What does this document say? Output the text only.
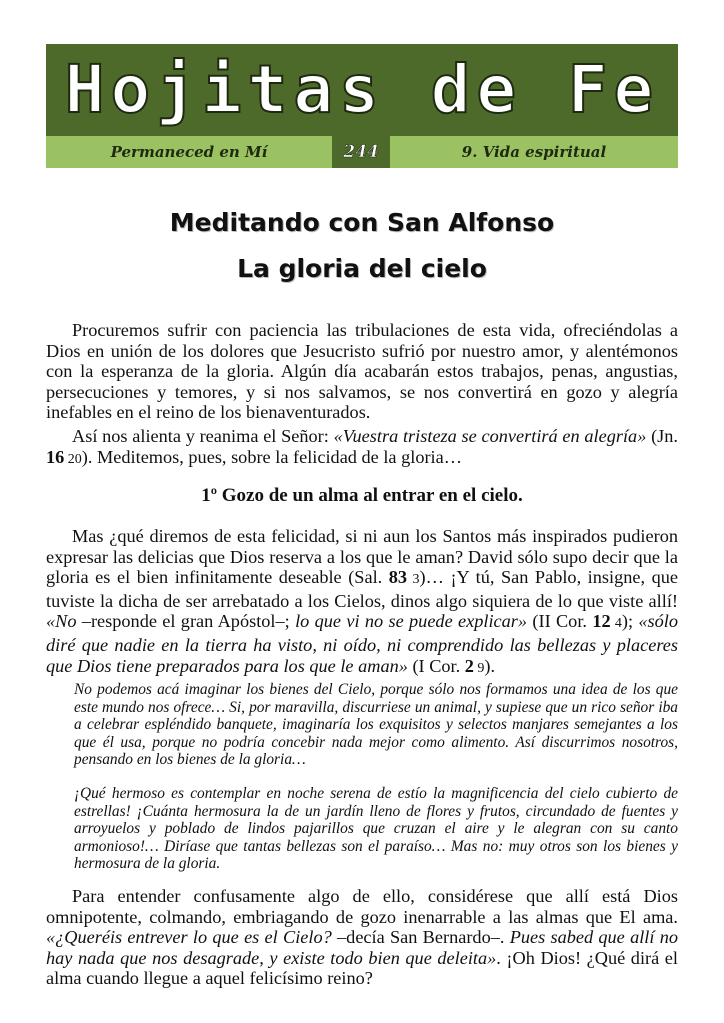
Hojitas de Fe
Permaneced en Mí	244	9. Vida espiritual
Meditando con San Alfonso
La gloria del cielo

Procuremos sufrir con paciencia las tribulaciones de esta vida, ofreciéndolas a Dios en unión de los dolores que Jesucristo sufrió por nuestro amor, y alentémonos con la esperanza de la gloria. Algún día acabarán estos trabajos, penas, angustias, persecuciones y temores, y si nos salvamos, se nos convertirá en gozo y alegría inefables en el reino de los bienaventurados.

Así nos alienta y reanima el Señor: «Vuestra tristeza se convertirá en alegría» (Jn. 16 20). Meditemos, pues, sobre la felicidad de la gloria…

1º Gozo de un alma al entrar en el cielo.

Mas ¿qué diremos de esta felicidad, si ni aun los Santos más inspirados pudieron expresar las delicias que Dios reserva a los que le aman? David sólo supo decir que la gloria es el bien infinitamente deseable (Sal. 83 3)… ¡Y tú, San Pablo, insigne, que tuviste la dicha de ser arrebatado a los Cielos, dinos algo siquiera de lo que viste allí! «No –responde el gran Apóstol–; lo que vi no se puede explicar» (II Cor. 12 4); «sólo diré que nadie en la tierra ha visto, ni oído, ni comprendido las bellezas y placeres que Dios tiene preparados para los que le aman» (I Cor. 2 9).

No podemos acá imaginar los bienes del Cielo, porque sólo nos formamos una idea de los que este mundo nos ofrece… Si, por maravilla, discurriese un animal, y supiese que un rico señor iba a celebrar espléndido banquete, imaginaría los exquisitos y selectos manjares semejantes a los que él usa, porque no podría concebir nada mejor como alimento. Así discurrimos nosotros, pensando en los bienes de la gloria…

¡Qué hermoso es contemplar en noche serena de estío la magnificencia del cielo cubierto de estrellas! ¡Cuánta hermosura la de un jardín lleno de flores y frutos, circundado de fuentes y arroyuelos y poblado de lindos pajarillos que cruzan el aire y le alegran con su canto armonioso!… Diríase que tantas bellezas son el paraíso… Mas no: muy otros son los bienes y hermosura de la gloria.

Para entender confusamente algo de ello, considérese que allí está Dios omnipotente, colmando, embriagando de gozo inenarrable a las almas que El ama. «¿Queréis entrever lo que es el Cielo? –decía San Bernardo–. Pues sabed que allí no hay nada que nos desagrade, y existe todo bien que deleita». ¡Oh Dios! ¿Qué dirá el alma cuando llegue a aquel felicísimo reino?
